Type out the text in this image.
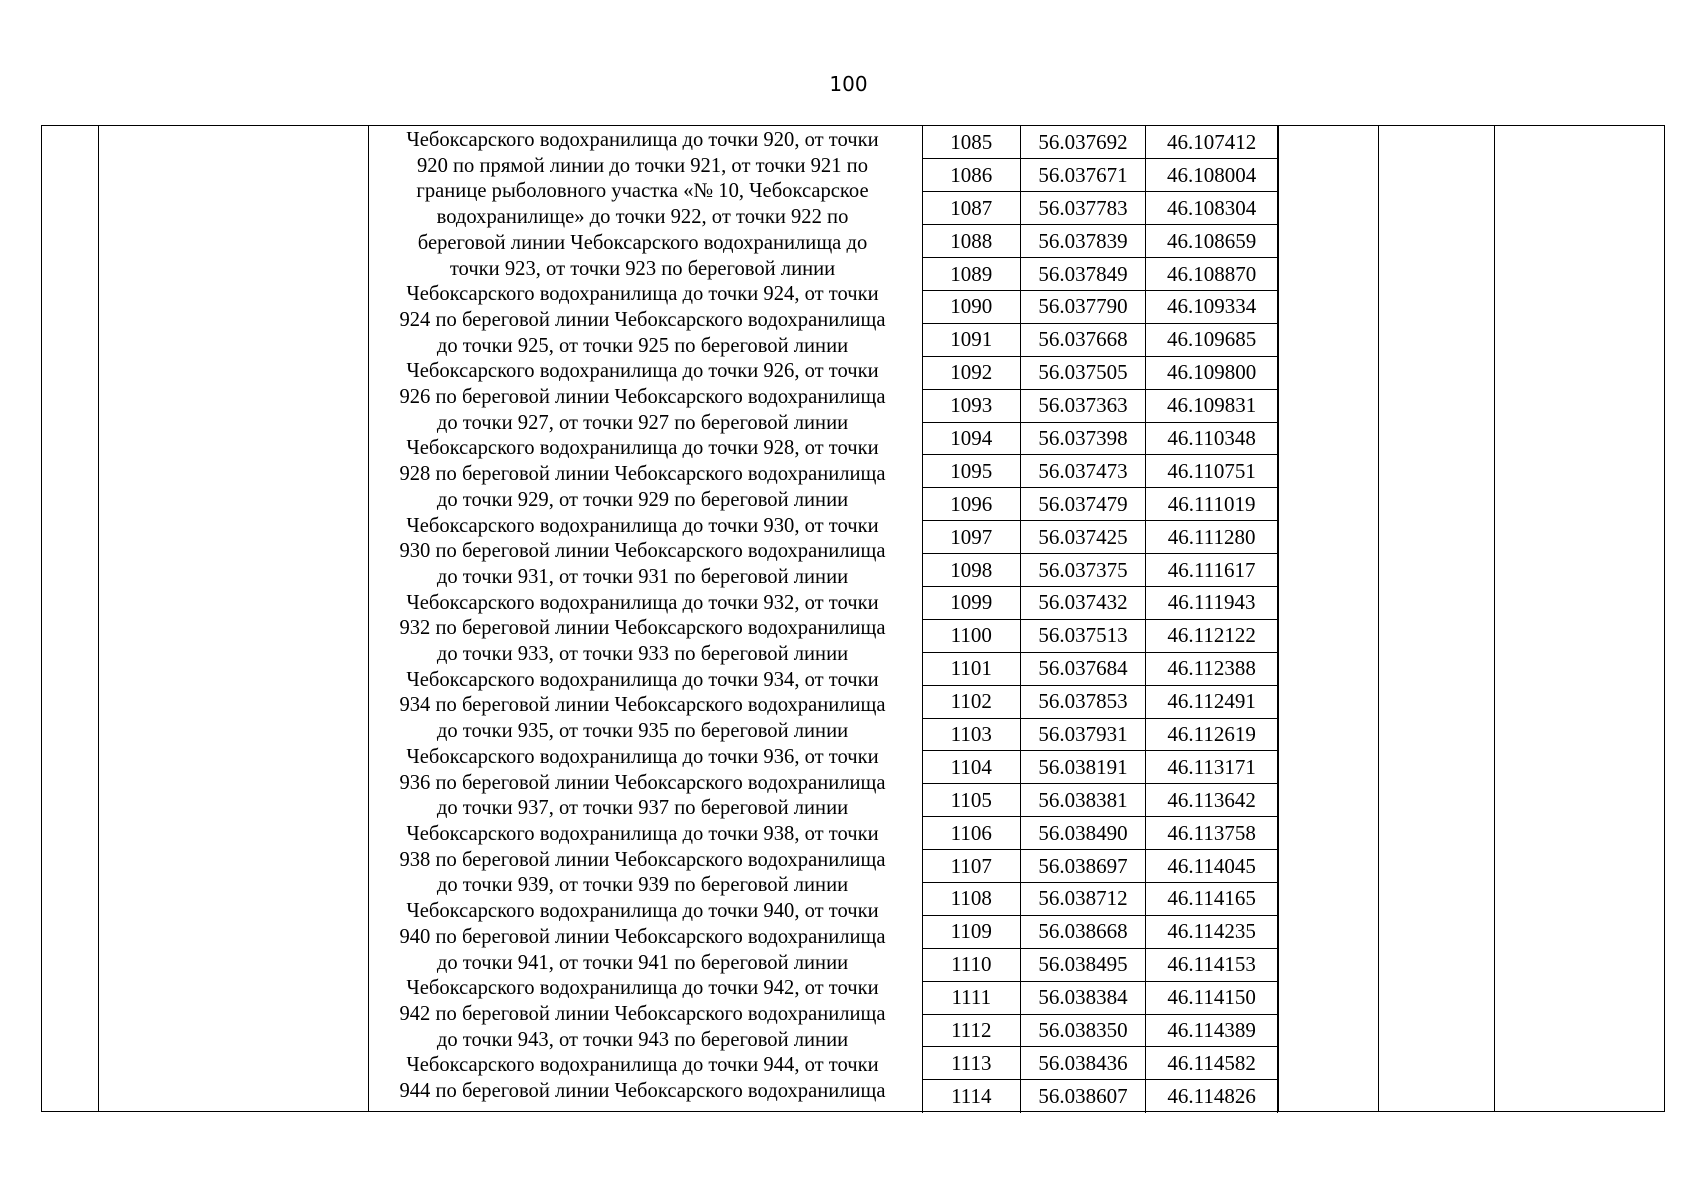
100
Чебоксарского водохранилища до точки 920, от точки
920 по прямой линии до точки 921, от точки 921 по
границе рыболовного участка «№ 10, Чебоксарское
водохранилище» до точки 922, от точки 922 по
береговой линии Чебоксарского водохранилища до
точки 923, от точки 923 по береговой линии
Чебоксарского водохранилища до точки 924, от точки
924 по береговой линии Чебоксарского водохранилища
до точки 925, от точки 925 по береговой линии
Чебоксарского водохранилища до точки 926, от точки
926 по береговой линии Чебоксарского водохранилища
до точки 927, от точки 927 по береговой линии
Чебоксарского водохранилища до точки 928, от точки
928 по береговой линии Чебоксарского водохранилища
до точки 929, от точки 929 по береговой линии
Чебоксарского водохранилища до точки 930, от точки
930 по береговой линии Чебоксарского водохранилища
до точки 931, от точки 931 по береговой линии
Чебоксарского водохранилища до точки 932, от точки
932 по береговой линии Чебоксарского водохранилища
до точки 933, от точки 933 по береговой линии
Чебоксарского водохранилища до точки 934, от точки
934 по береговой линии Чебоксарского водохранилища
до точки 935, от точки 935 по береговой линии
Чебоксарского водохранилища до точки 936, от точки
936 по береговой линии Чебоксарского водохранилища
до точки 937, от точки 937 по береговой линии
Чебоксарского водохранилища до точки 938, от точки
938 по береговой линии Чебоксарского водохранилища
до точки 939, от точки 939 по береговой линии
Чебоксарского водохранилища до точки 940, от точки
940 по береговой линии Чебоксарского водохранилища
до точки 941, от точки 941 по береговой линии
Чебоксарского водохранилища до точки 942, от точки
942 по береговой линии Чебоксарского водохранилища
до точки 943, от точки 943 по береговой линии
Чебоксарского водохранилища до точки 944, от точки
944 по береговой линии Чебоксарского водохранилища
1085	56.037692	46.107412
1086	56.037671	46.108004
1087	56.037783	46.108304
1088	56.037839	46.108659
1089	56.037849	46.108870
1090	56.037790	46.109334
1091	56.037668	46.109685
1092	56.037505	46.109800
1093	56.037363	46.109831
1094	56.037398	46.110348
1095	56.037473	46.110751
1096	56.037479	46.111019
1097	56.037425	46.111280
1098	56.037375	46.111617
1099	56.037432	46.111943
1100	56.037513	46.112122
1101	56.037684	46.112388
1102	56.037853	46.112491
1103	56.037931	46.112619
1104	56.038191	46.113171
1105	56.038381	46.113642
1106	56.038490	46.113758
1107	56.038697	46.114045
1108	56.038712	46.114165
1109	56.038668	46.114235
1110	56.038495	46.114153
1111	56.038384	46.114150
1112	56.038350	46.114389
1113	56.038436	46.114582
1114	56.038607	46.114826
